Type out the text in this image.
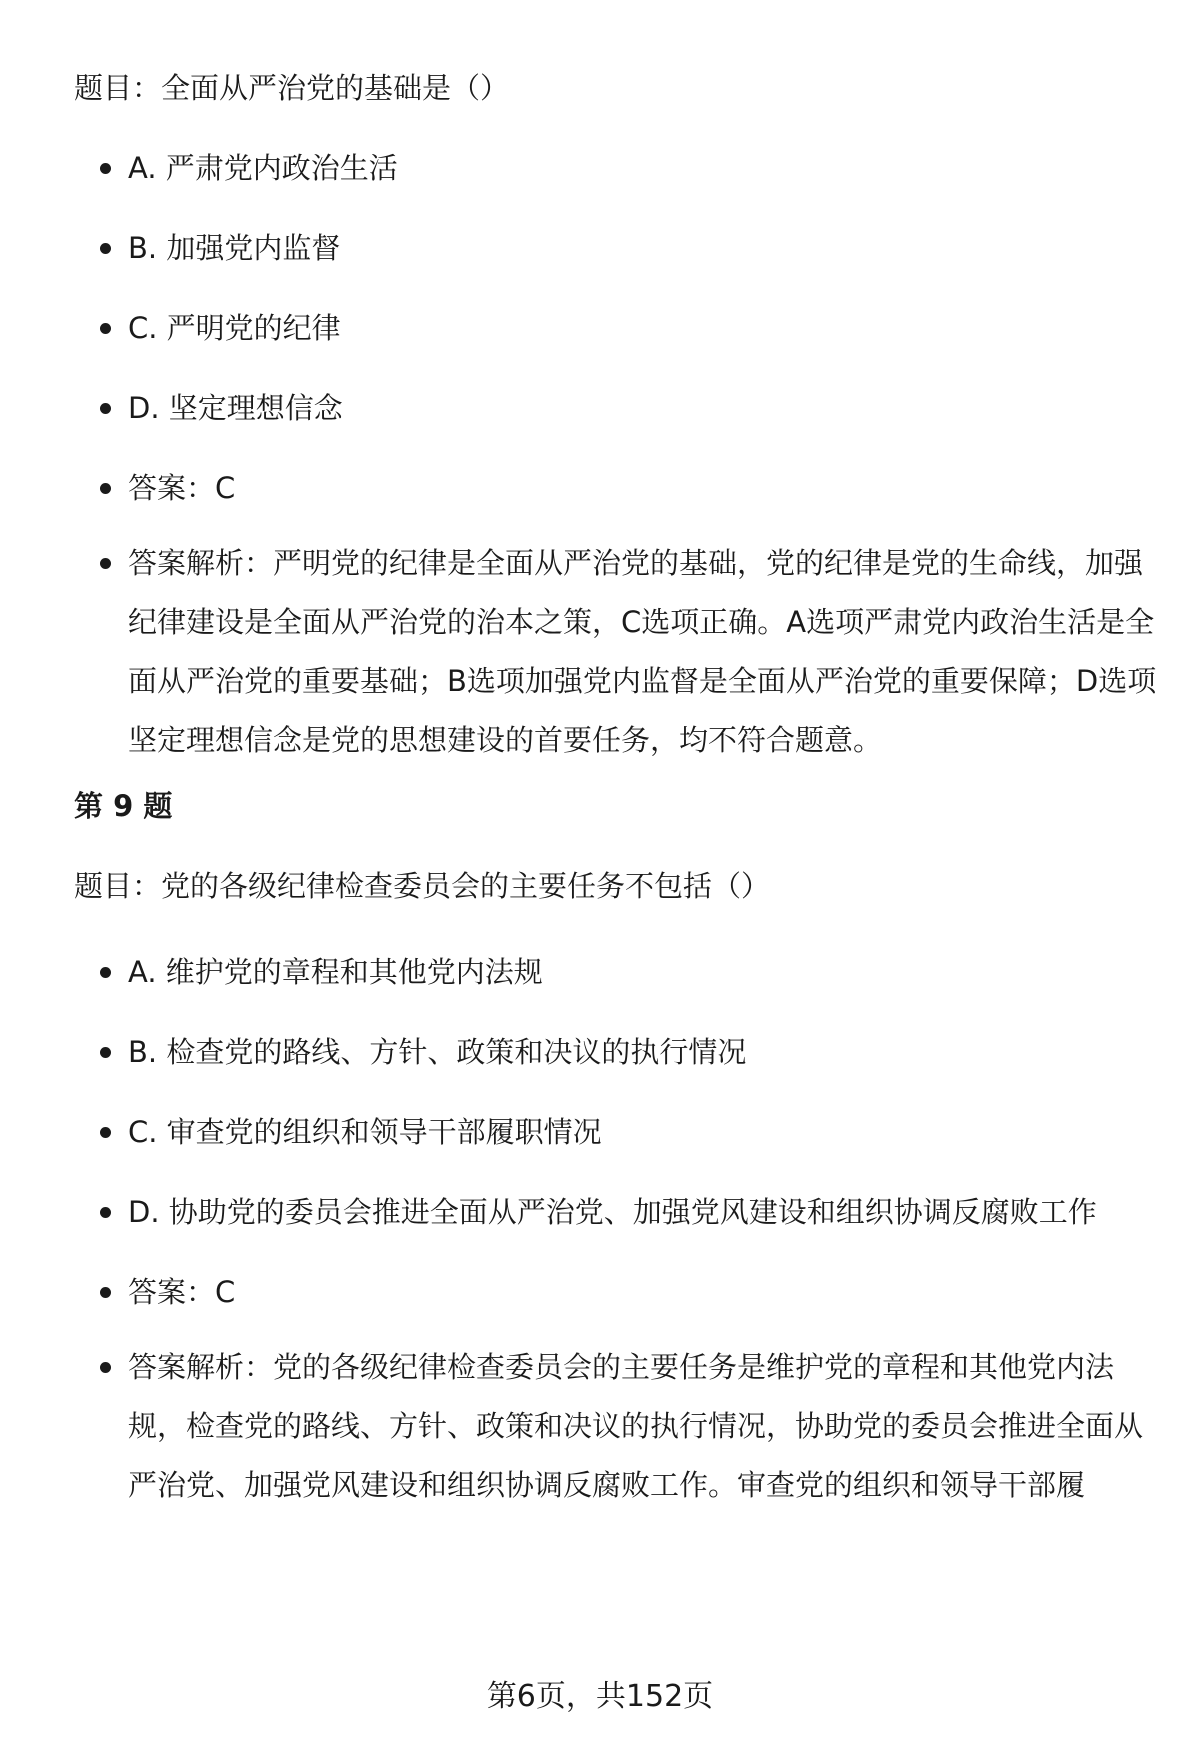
题目：全面从严治党的基础是（）
A. 严肃党内政治生活
B. 加强党内监督
C. 严明党的纪律
D. 坚定理想信念
答案：C
答案解析：严明党的纪律是全面从严治党的基础，党的纪律是党的生命线，加强纪律建设是全面从严治党的治本之策，C选项正确。A选项严肃党内政治生活是全面从严治党的重要基础；B选项加强党内监督是全面从严治党的重要保障；D选项坚定理想信念是党的思想建设的首要任务，均不符合题意。
第 9 题
题目：党的各级纪律检查委员会的主要任务不包括（）
A. 维护党的章程和其他党内法规
B. 检查党的路线、方针、政策和决议的执行情况
C. 审查党的组织和领导干部履职情况
D. 协助党的委员会推进全面从严治党、加强党风建设和组织协调反腐败工作
答案：C
答案解析：党的各级纪律检查委员会的主要任务是维护党的章程和其他党内法规，检查党的路线、方针、政策和决议的执行情况，协助党的委员会推进全面从严治党、加强党风建设和组织协调反腐败工作。审查党的组织和领导干部履
第6页，共152页
